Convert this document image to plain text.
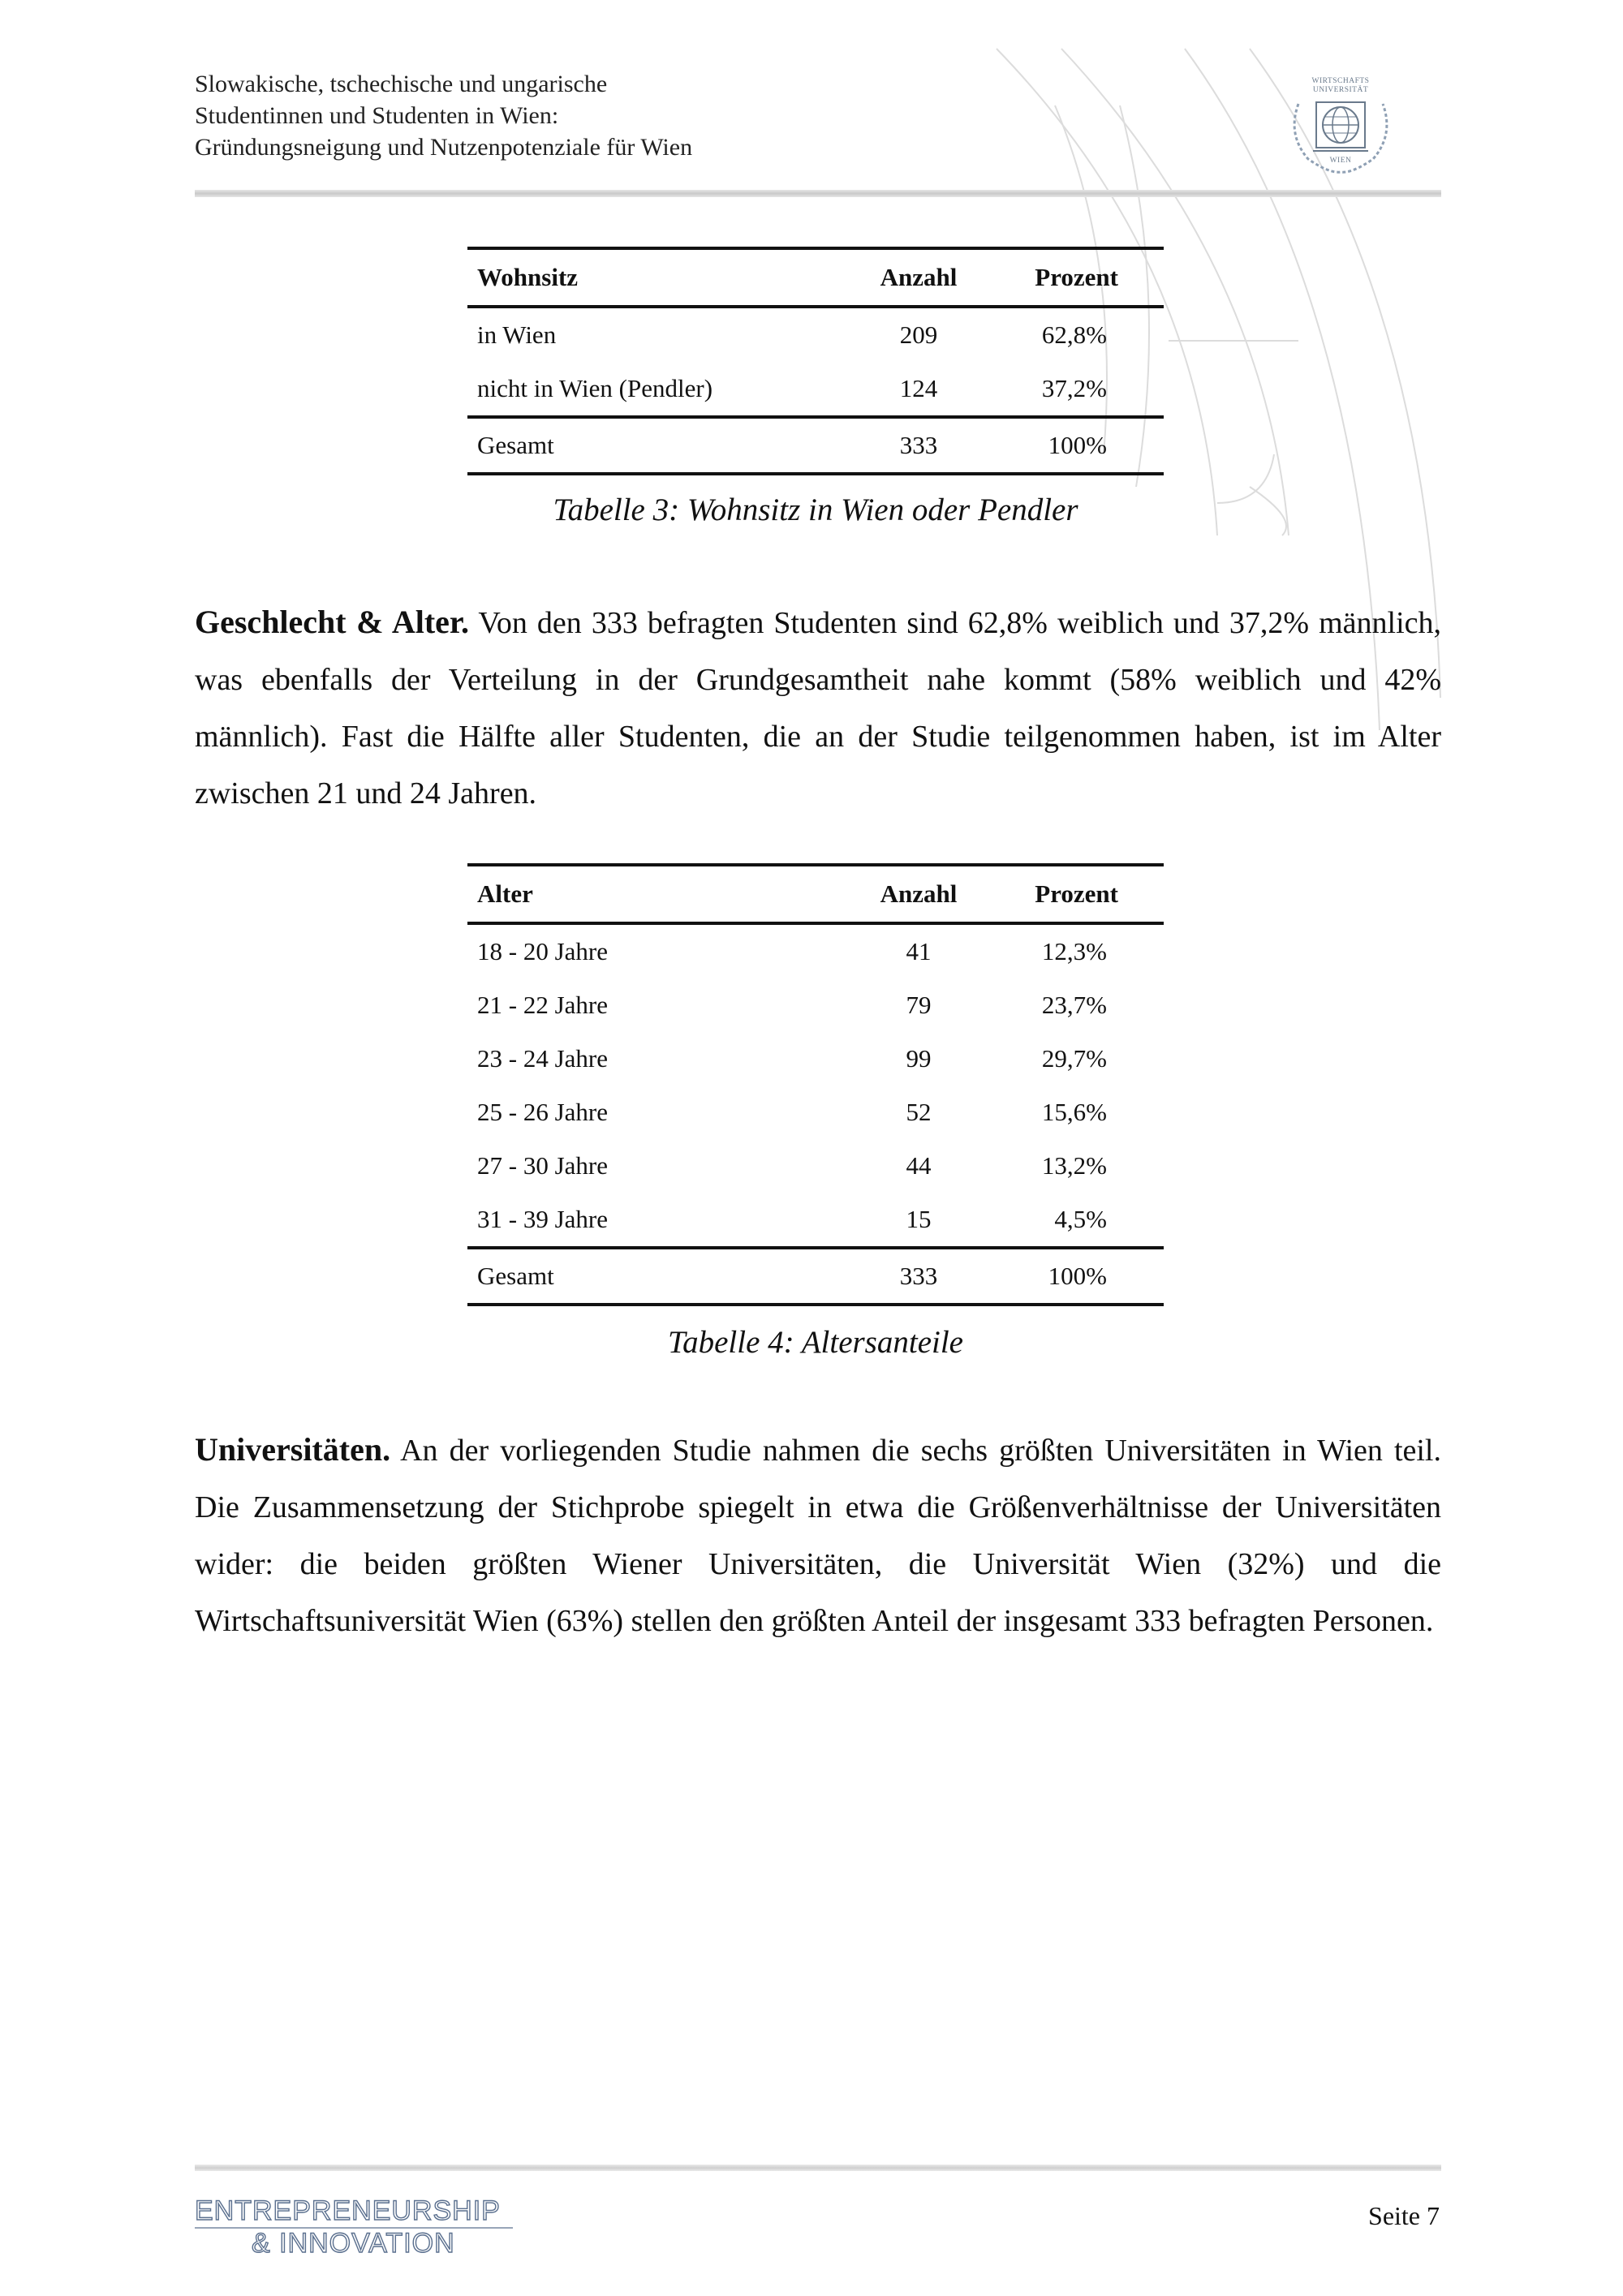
Slowakische, tschechische und ungarische
Studentinnen und Studenten in Wien:
Gründungsneigung und Nutzenpotenziale für Wien
WIRTSCHAFTS
UNIVERSITÄT
WIEN
Wohnsitz	Anzahl	Prozent
in Wien	209	62,8%
nicht in Wien (Pendler)	124	37,2%
Gesamt	333	100%
Tabelle 3: Wohnsitz in Wien oder Pendler

Geschlecht & Alter. Von den 333 befragten Studenten sind 62,8% weiblich und 37,2% männlich, was ebenfalls der Verteilung in der Grundgesamtheit nahe kommt (58% weiblich und 42% männlich). Fast die Hälfte aller Studenten, die an der Studie teilgenommen haben, ist im Alter zwischen 21 und 24 Jahren.

Alter	Anzahl	Prozent
18 - 20 Jahre	41	12,3%
21 - 22 Jahre	79	23,7%
23 - 24 Jahre	99	29,7%
25 - 26 Jahre	52	15,6%
27 - 30 Jahre	44	13,2%
31 - 39 Jahre	15	4,5%
Gesamt	333	100%
Tabelle 4: Altersanteile

Universitäten. An der vorliegenden Studie nahmen die sechs größten Universitäten in Wien teil. Die Zusammensetzung der Stichprobe spiegelt in etwa die Größenverhältnisse der Universitäten wider: die beiden größten Wiener Universitäten, die Universität Wien (32%) und die Wirtschaftsuniversität Wien (63%) stellen den größten Anteil der insgesamt 333 befragten Personen.

ENTREPRENEURSHIP
& INNOVATION
Seite 7
